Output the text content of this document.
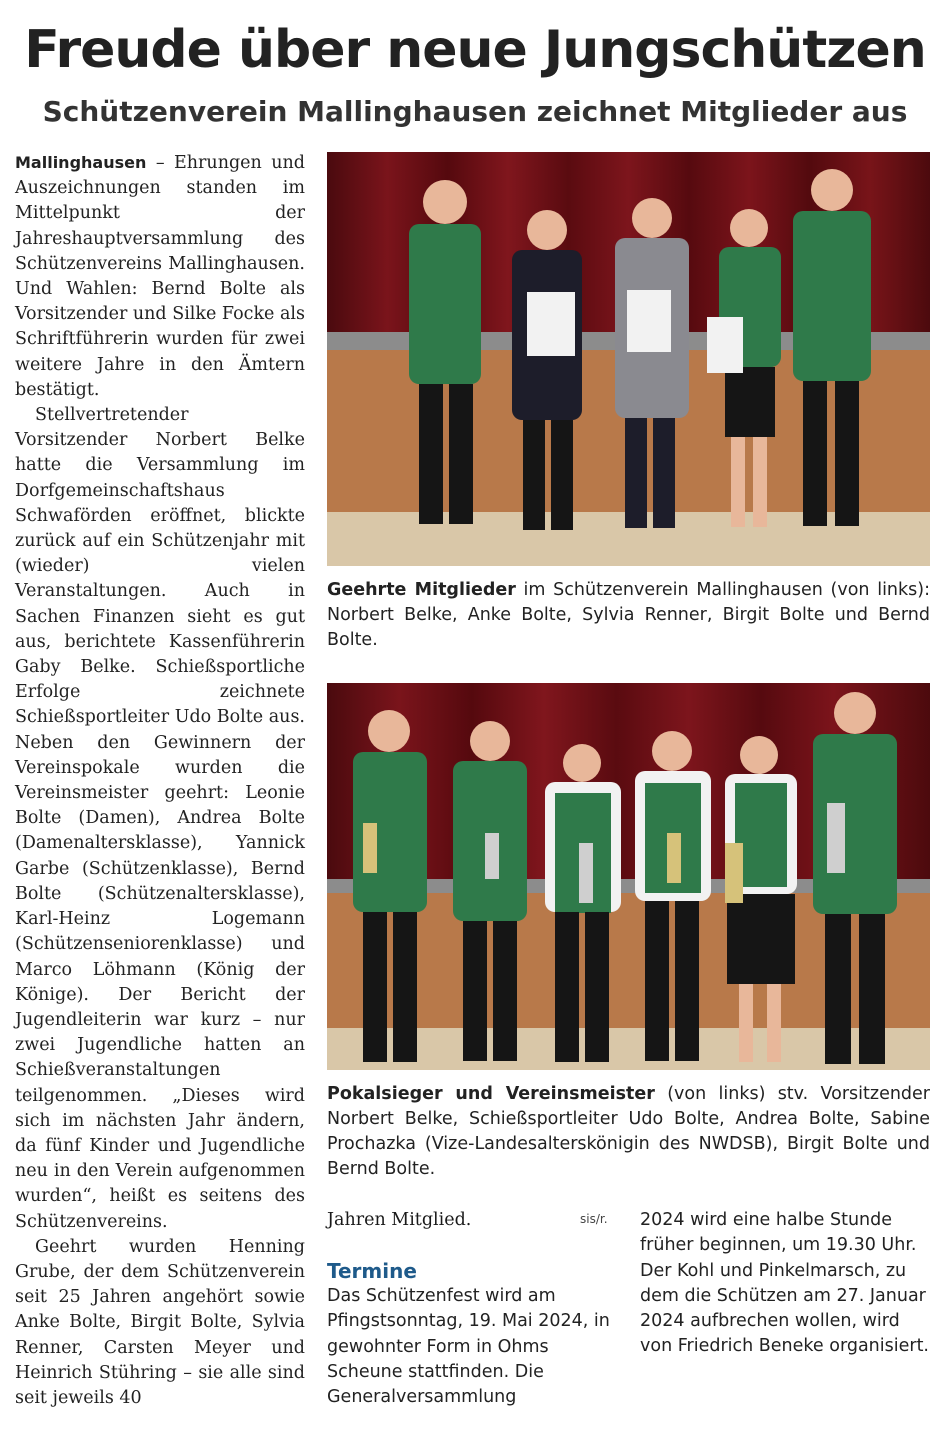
Freude über neue Jungschützen
Schützenverein Mallinghausen zeichnet Mitglieder aus

Mallinghausen – Ehrungen und Auszeichnungen standen im Mittelpunkt der Jahreshauptversammlung des Schützenvereins Mallinghausen. Und Wahlen: Bernd Bolte als Vorsitzender und Silke Focke als Schriftführerin wurden für zwei weitere Jahre in den Ämtern bestätigt.

Stellvertretender Vorsitzender Norbert Belke hatte die Versammlung im Dorfgemeinschaftshaus Schwaförden eröffnet, blickte zurück auf ein Schützenjahr mit (wieder) vielen Veranstaltungen. Auch in Sachen Finanzen sieht es gut aus, berichtete Kassenführerin Gaby Belke. Schießsportliche Erfolge zeichnete Schießsportleiter Udo Bolte aus. Neben den Gewinnern der Vereinspokale wurden die Vereinsmeister geehrt: Leonie Bolte (Damen), Andrea Bolte (Damenaltersklasse), Yannick Garbe (Schützenklasse), Bernd Bolte (Schützenaltersklasse), Karl-Heinz Logemann (Schützenseniorenklasse) und Marco Löhmann (König der Könige). Der Bericht der Jugendleiterin war kurz – nur zwei Jugendliche hatten an Schießveranstaltungen teilgenommen. „Dieses wird sich im nächsten Jahr ändern, da fünf Kinder und Jugendliche neu in den Verein aufgenommen wurden“, heißt es seitens des Schützenvereins.

Geehrt wurden Henning Grube, der dem Schützenverein seit 25 Jahren angehört sowie Anke Bolte, Birgit Bolte, Sylvia Renner, Carsten Meyer und Heinrich Stühring – sie alle sind seit jeweils 40

Geehrte Mitglieder im Schützenverein Mallinghausen (von links): Norbert Belke, Anke Bolte, Sylvia Renner, Birgit Bolte und Bernd Bolte.
Pokalsieger und Vereinsmeister (von links) stv. Vorsitzender Norbert Belke, Schießsportleiter Udo Bolte, Andrea Bolte, Sabine Prochazka (Vize-Landesalterskönigin des NWDSB), Birgit Bolte und Bernd Bolte.
Jahren Mitglied.	sis/r.
Termine
Das Schützenfest wird am Pfingstsonntag, 19. Mai 2024, in gewohnter Form in Ohms Scheune stattfinden. Die Generalversammlung
2024 wird eine halbe Stunde früher beginnen, um 19.30 Uhr. Der Kohl und Pinkelmarsch, zu dem die Schützen am 27. Januar 2024 aufbrechen wollen, wird von Friedrich Beneke organisiert.
